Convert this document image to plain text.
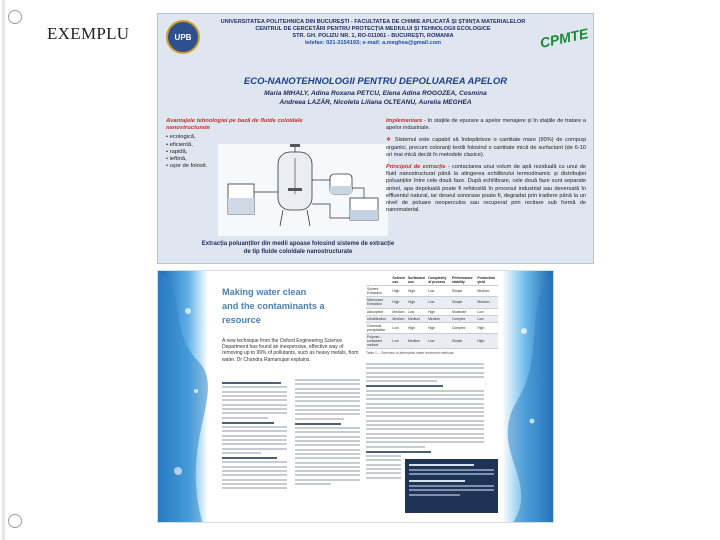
EXEMPLU	UPB	CPMTE
UNIVERSITATEA POLITEHNICA DIN BUCUREȘTI - FACULTATEA DE CHIMIE APLICATĂ ȘI ȘTIINȚA MATERIALELOR
CENTRUL DE CERCETĂRI PENTRU PROTECȚIA MEDIULUI ȘI TEHNOLOGII ECOLOGICE
STR. GH. POLIZU NR. 1, RO-011061 - BUCUREȘTI, ROMANIA
telefax: 021-3154193; e-mail: a.meghea@gmail.com
ECO-NANOTEHNOLOGII PENTRU DEPOLUAREA APELOR
Maria MIHALY, Adina Roxana PETCU, Elena Adina ROGOZEA, Cosmina
Andreea LAZĂR, Nicoleta Liliana OLTEANU, Aurelia MEGHEA
Avantajele tehnologiei pe bază de fluide coloidale nanostructurate
• ecologică,
• eficientă,
• rapidă,
• ieftină,
• ușor de folosit.

Implementare - în stațiile de epurare a apelor menajere și în stațiile de tratare a apelor industriale.

❖ Sistemul este capabil să îndepărteze o cantitate mare (90%) de compuși organici, precum coloranți textili folosind o cantitate mică de surfactant (de 6-10 ori mai mică decât în metodele clasice).

Principiul de extracție - contactarea unui volum de apă reziduală cu unui de fluid nanostructurat până la atingerea echilibrului termodinamic și distribuției poluanților între cele două faze. După echilibrare, cele două faze sunt separate antrel, apa depoluată poate fi refolosită în procesul industrial sau deversată în effluentul natural, iar deseul sonorase poate fi, degradat prin iradiere până la un nivel de poluare neoperculos sau recuperat prin recitare sub formă de nanomaterial.

Extracția poluanților din medii apoase folosind sisteme de extracție de tip fluide coloidale nanostructurate
Making water clean
and the contaminants a
resource
A new technique from the Oxford Engineering Science Department has found an inexpensive, effective way of removing up to 99% of pollutants, such as heavy metals, from water. Dr Chandra Ramanujan explains.
	Solvent use	Surfactant use	Complexity of process	Performance stability	Production yield
Solvent Extraction	High	High	Low	Simple	Medium
Microwave Extraction	High	High	Low	Simple	Medium
Adsorption	Medium	Low	High	Moderate	Low
Ultrafiltration	Medium	Medium	Medium	Complex	Low
Chemical precipitation	Low	High	High	Complex	High
Polymer–surfactant method	Low	Medium	Low	Simple	High
Table 1 – Overview of alternative water treatment methods
